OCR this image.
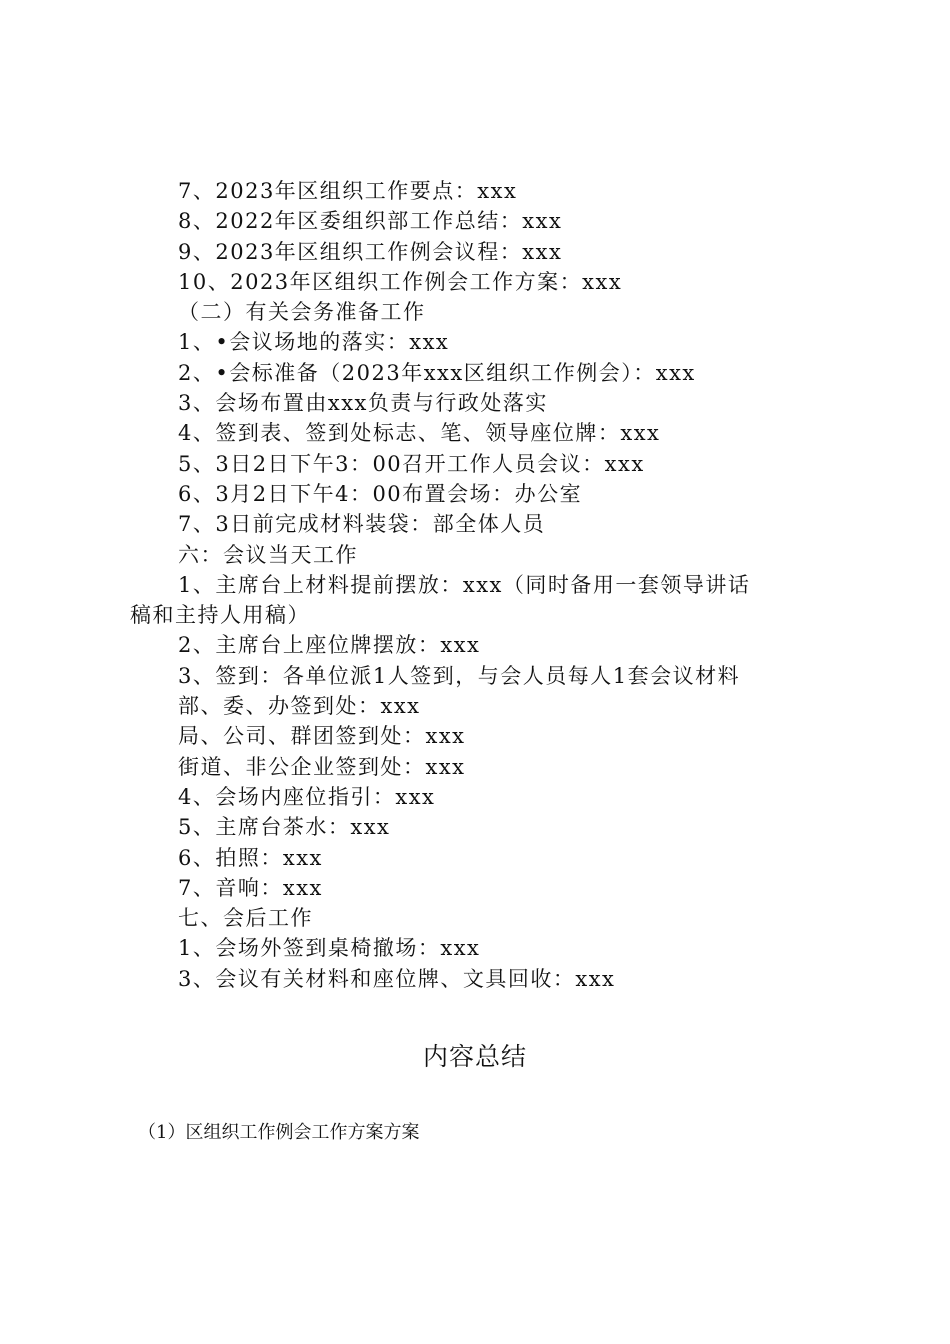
7、2023年区组织工作要点：xxx
8、2022年区委组织部工作总结：xxx
9、2023年区组织工作例会议程：xxx
10、2023年区组织工作例会工作方案：xxx
（二）有关会务准备工作
1、•会议场地的落实：xxx
2、•会标准备（2023年xxx区组织工作例会）：xxx
3、会场布置由xxx负责与行政处落实
4、签到表、签到处标志、笔、领导座位牌：xxx
5、3日2日下午3：00召开工作人员会议：xxx
6、3月2日下午4：00布置会场：办公室
7、3日前完成材料装袋：部全体人员
六：会议当天工作
1、主席台上材料提前摆放：xxx（同时备用一套领导讲话
稿和主持人用稿）
2、主席台上座位牌摆放：xxx
3、签到：各单位派1人签到，与会人员每人1套会议材料
部、委、办签到处：xxx
局、公司、群团签到处：xxx
街道、非公企业签到处：xxx
4、会场内座位指引：xxx
5、主席台茶水：xxx
6、拍照：xxx
7、音响：xxx
七、会后工作
1、会场外签到桌椅撤场：xxx
3、会议有关材料和座位牌、文具回收：xxx
内容总结
（1）区组织工作例会工作方案方案
